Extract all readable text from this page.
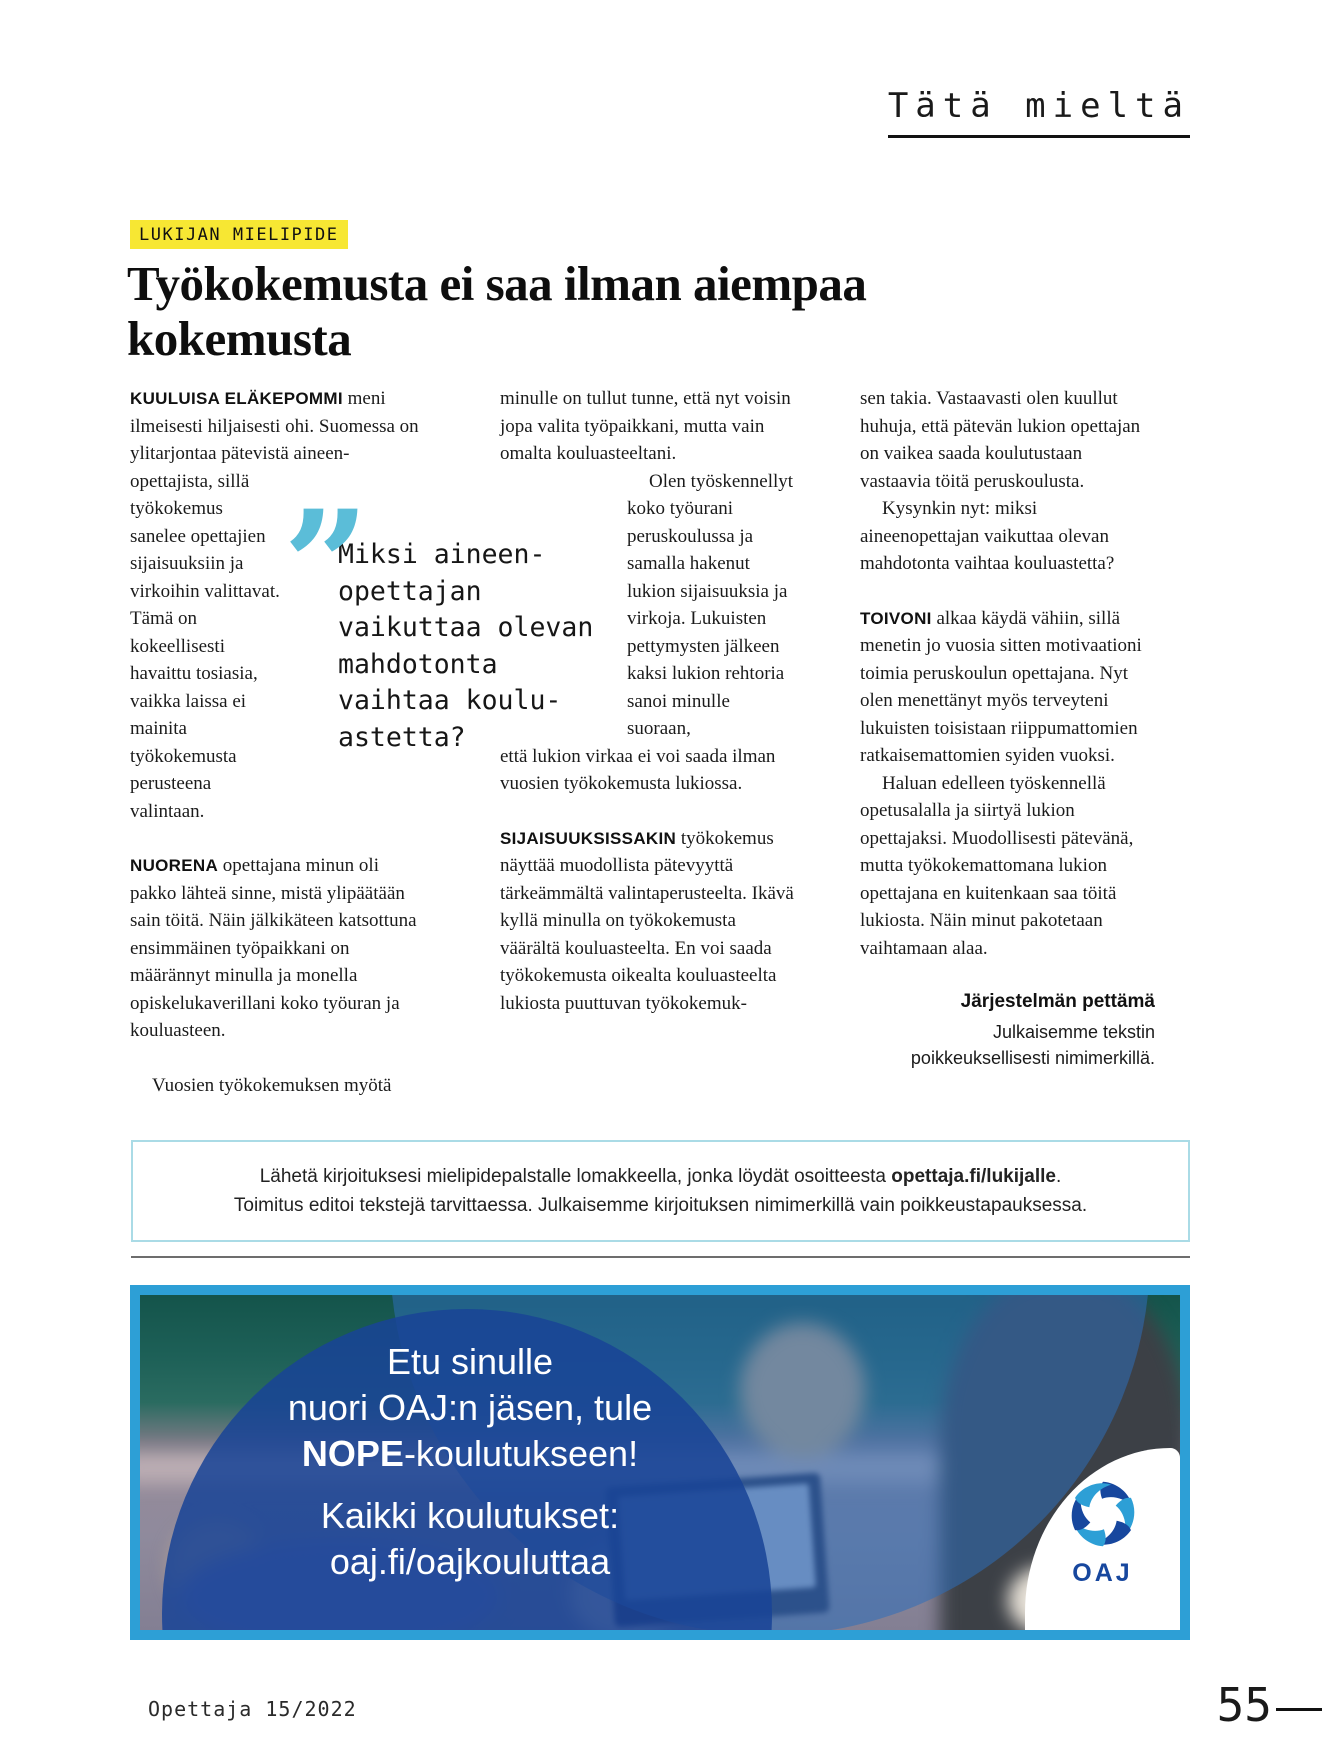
Tätä mieltä
LUKIJAN MIELIPIDE
Työkokemusta ei saa ilman aiempaa kokemusta

KUULUISA ELÄKEPOMMI meni ilmeisesti hiljaisesti ohi. Suomessa on ylitarjontaa pätevistä aineen-
opettajista, sillä työkokemus sanelee opettajien sijaisuuksiin ja virkoihin valittavat. Tämä on kokeellisesti havaittu tosiasia, vaikka laissa ei mainita työkokemusta perusteena valintaan.

NUORENA opettajana minun oli pakko lähteä sinne, mistä ylipäätään sain töitä. Näin jälkikäteen katsottuna ensimmäinen työpaikkani on määrännyt minulla ja monella opiskelukaverillani koko työuran ja kouluasteen.

Vuosien työkokemuksen myötä

minulle on tullut tunne, että nyt voisin jopa valita työpaikkani, mutta vain omalta kouluasteeltani.

Olen työskennellyt koko työurani peruskoulussa ja samalla hakenut lukion sijaisuuksia ja virkoja. Lukuisten pettymysten jälkeen kaksi lukion rehtoria sanoi minulle suoraan,

että lukion virkaa ei voi saada ilman vuosien työkokemusta lukiossa.

SIJAISUUKSISSAKIN työkokemus näyttää muodollista pätevyyttä tärkeämmältä valintaperusteelta. Ikävä kyllä minulla on työkokemusta väärältä kouluasteelta. En voi saada työkokemusta oikealta kouluasteelta lukiosta puuttuvan työkokemuk-

sen takia. Vastaavasti olen kuullut huhuja, että pätevän lukion opettajan on vaikea saada koulutustaan vastaavia töitä peruskoulusta.

Kysynkin nyt: miksi aineenopettajan vaikuttaa olevan mahdotonta vaihtaa kouluastetta?

TOIVONI alkaa käydä vähiin, sillä menetin jo vuosia sitten motivaationi toimia peruskoulun opettajana. Nyt olen menettänyt myös terveyteni lukuisten toisistaan riippumattomien ratkaisemattomien syiden vuoksi.

Haluan edelleen työskennellä opetusalalla ja siirtyä lukion opettajaksi. Muodollisesti pätevänä, mutta työkokemattomana lukion opettajana en kuitenkaan saa töitä lukiosta. Näin minut pakotetaan vaihtamaan alaa.

Järjestelmän pettämä
Julkaisemme tekstin
poikkeuksellisesti nimimerkillä.
”
Miksi aineen-
opettajan
vaikuttaa olevan
mahdotonta
vaihtaa koulu-
astetta?
Lähetä kirjoituksesi mielipidepalstalle lomakkeella, jonka löydät osoitteesta opettaja.fi/lukijalle.
Toimitus editoi tekstejä tarvittaessa. Julkaisemme kirjoituksen nimimerkillä vain poikkeustapauksessa.
Etu sinulle
nuori OAJ:n jäsen, tule
NOPE-koulutukseen!
Kaikki koulutukset:
oaj.fi/oajkouluttaa	OAJ
Opettaja 15/2022	55
